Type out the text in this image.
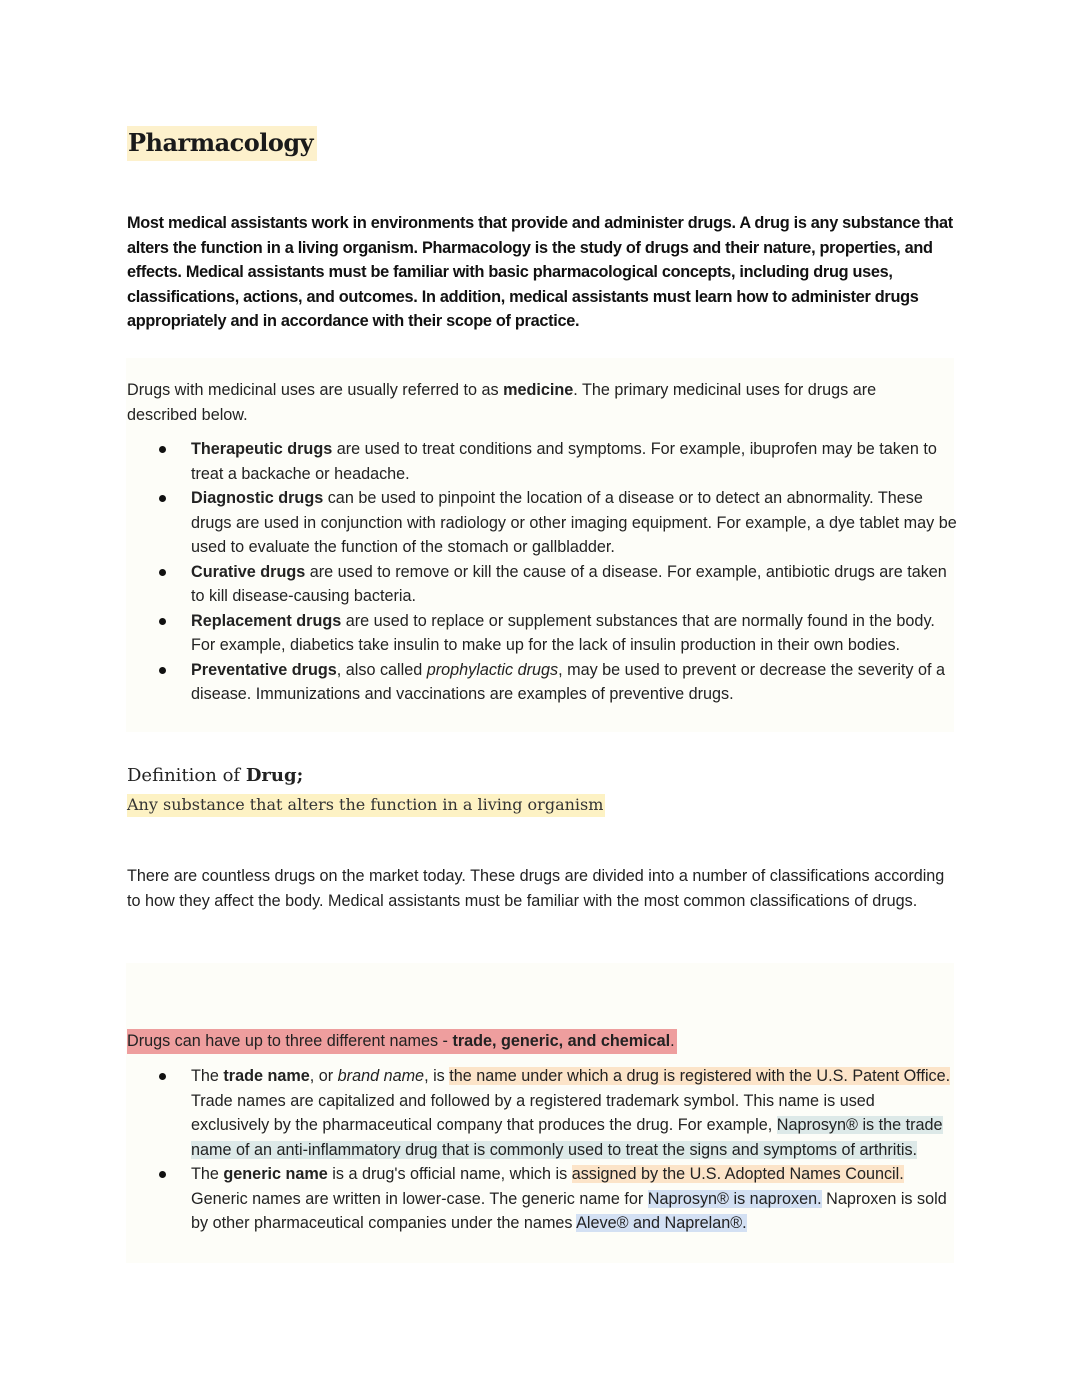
Pharmacology
Most medical assistants work in environments that provide and administer drugs. A drug is any substance that alters the function in a living organism. Pharmacology is the study of drugs and their nature, properties, and effects. Medical assistants must be familiar with basic pharmacological concepts, including drug uses, classifications, actions, and outcomes. In addition, medical assistants must learn how to administer drugs appropriately and in accordance with their scope of practice.
Drugs with medicinal uses are usually referred to as medicine. The primary medicinal uses for drugs are described below.
Therapeutic drugs are used to treat conditions and symptoms. For example, ibuprofen may be taken to treat a backache or headache.
Diagnostic drugs can be used to pinpoint the location of a disease or to detect an abnormality. These drugs are used in conjunction with radiology or other imaging equipment. For example, a dye tablet may be used to evaluate the function of the stomach or gallbladder.
Curative drugs are used to remove or kill the cause of a disease. For example, antibiotic drugs are taken to kill disease-causing bacteria.
Replacement drugs are used to replace or supplement substances that are normally found in the body. For example, diabetics take insulin to make up for the lack of insulin production in their own bodies.
Preventative drugs, also called prophylactic drugs, may be used to prevent or decrease the severity of a disease. Immunizations and vaccinations are examples of preventive drugs.
Definition of Drug;
Any substance that alters the function in a living organism
There are countless drugs on the market today. These drugs are divided into a number of classifications according to how they affect the body. Medical assistants must be familiar with the most common classifications of drugs.
Drugs can have up to three different names - trade, generic, and chemical.
The trade name, or brand name, is the name under which a drug is registered with the U.S. Patent Office. Trade names are capitalized and followed by a registered trademark symbol. This name is used exclusively by the pharmaceutical company that produces the drug. For example, Naprosyn® is the trade name of an anti-inflammatory drug that is commonly used to treat the signs and symptoms of arthritis.
The generic name is a drug's official name, which is assigned by the U.S. Adopted Names Council. Generic names are written in lower-case. The generic name for Naprosyn® is naproxen. Naproxen is sold by other pharmaceutical companies under the names Aleve® and Naprelan®.
